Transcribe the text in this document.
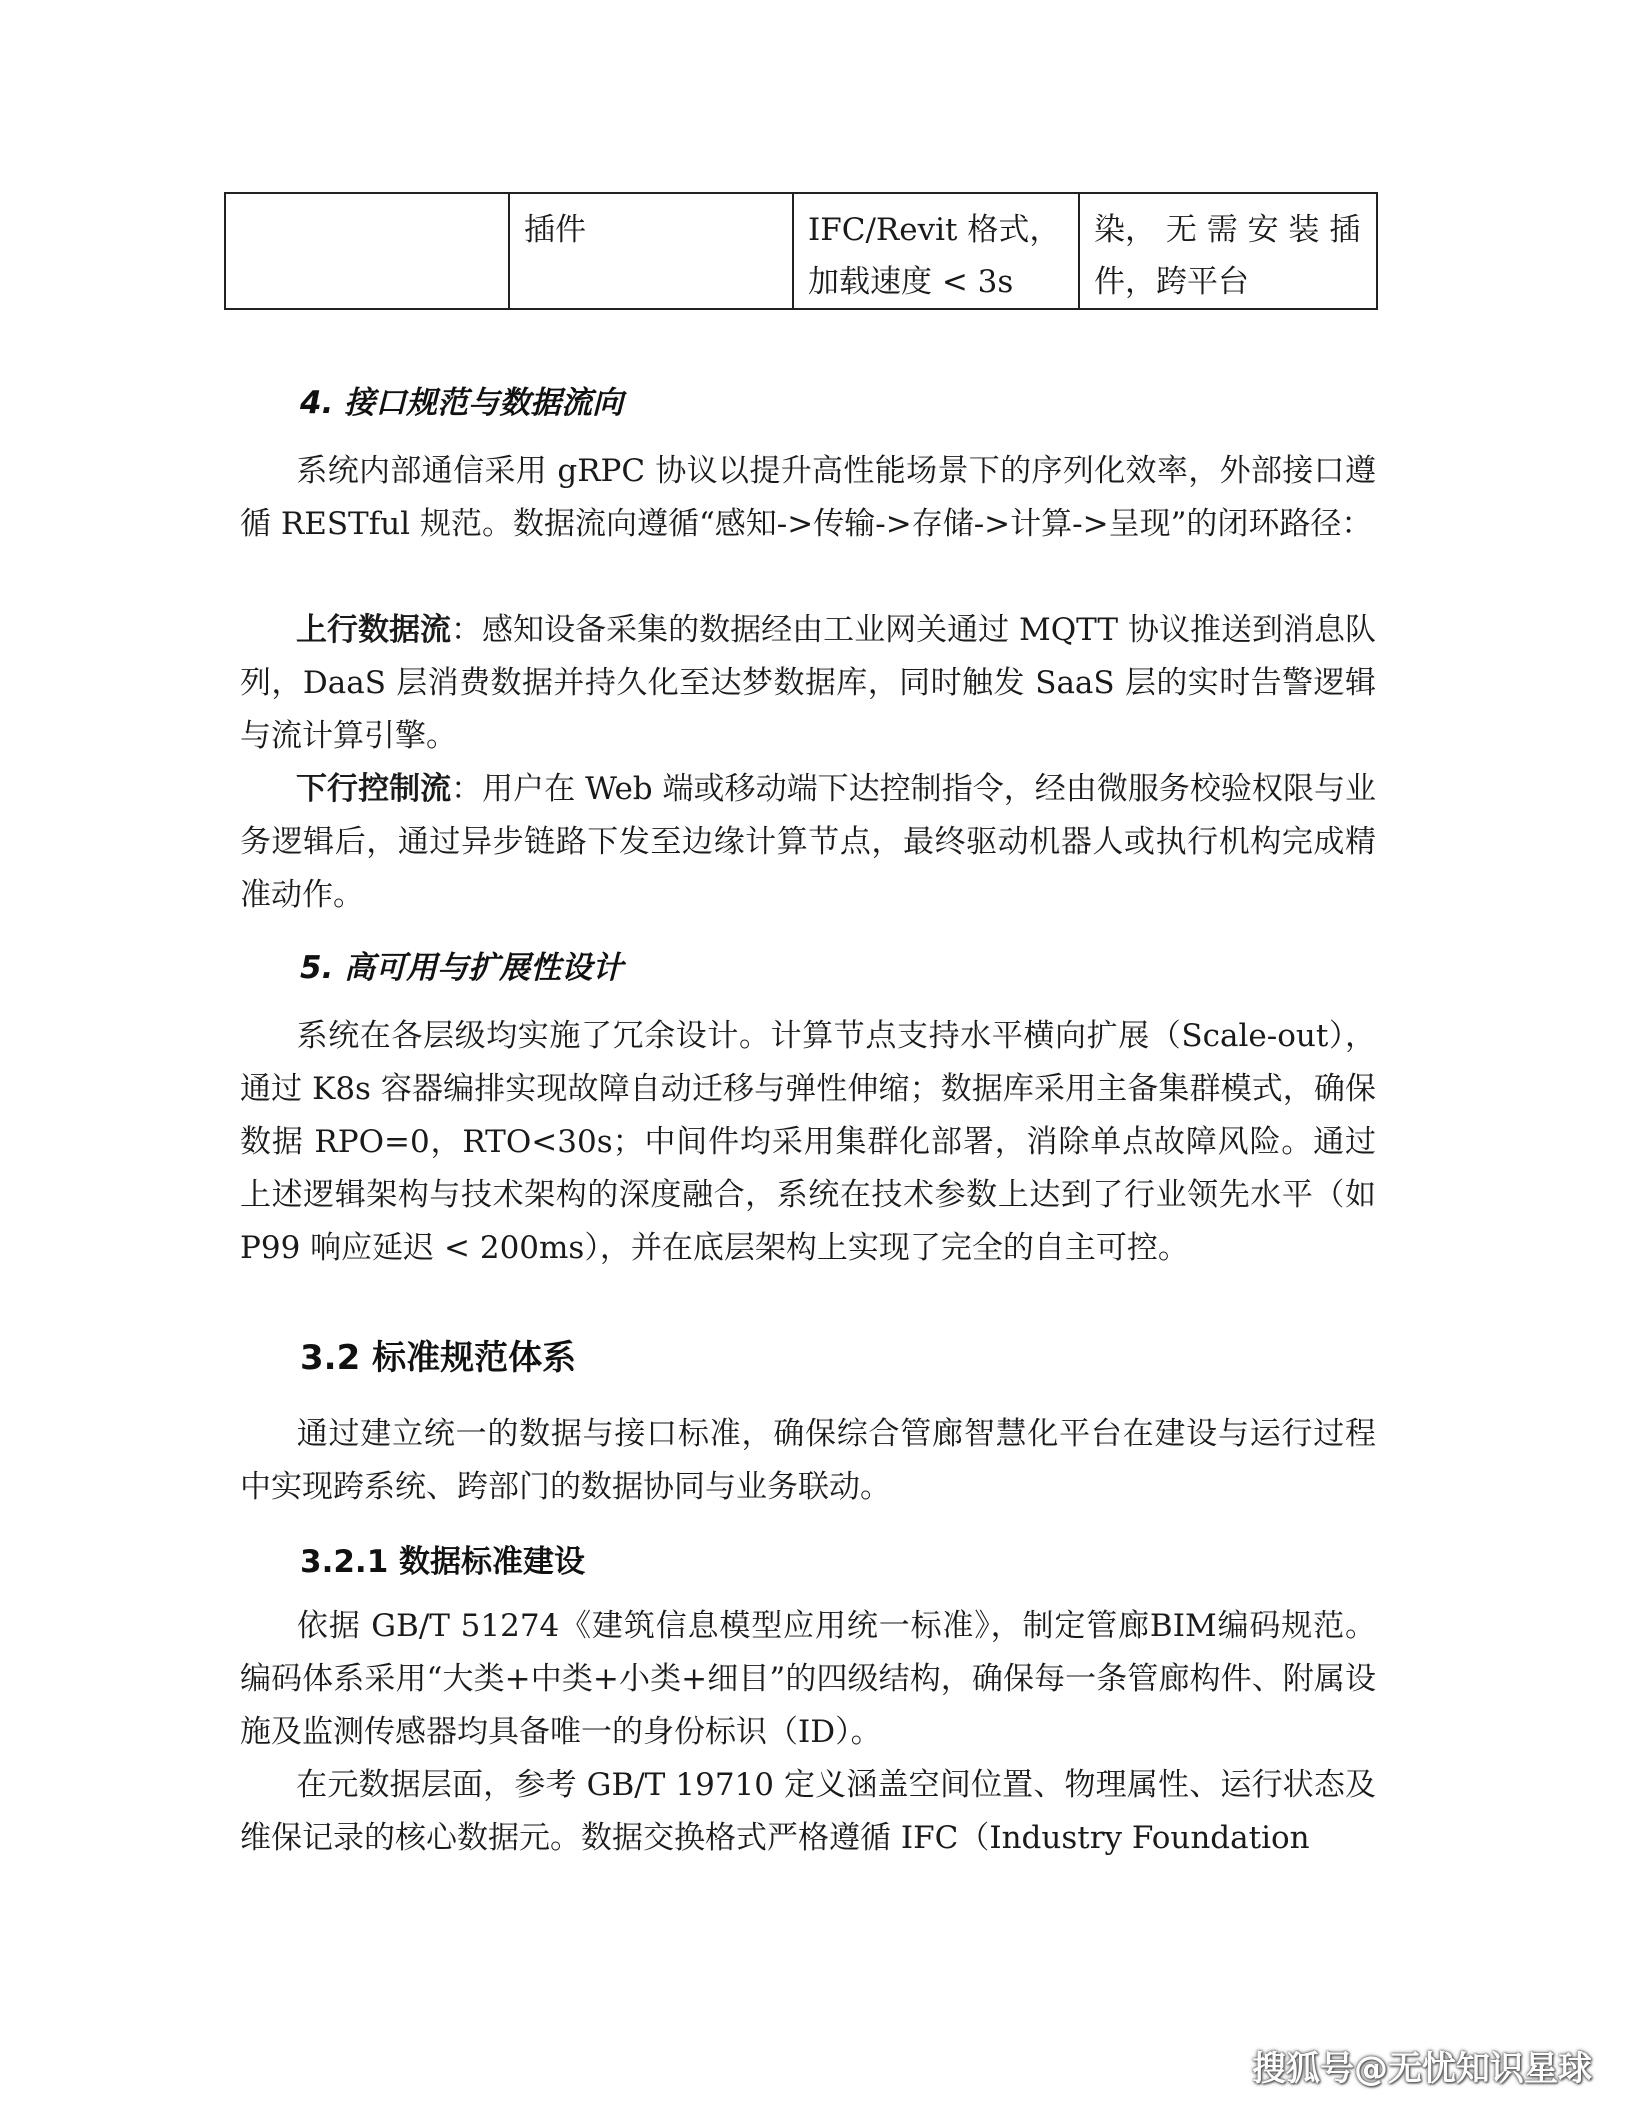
	插件	IFC/Revit 格式，加载速度 < 3s	染， 无 需 安 装 插件，跨平台
4. 接口规范与数据流向

系统内部通信采用 gRPC 协议以提升高性能场景下的序列化效率，外部接口遵循 RESTful 规范。数据流向遵循“感知->传输->存储->计算->呈现”的闭环路径：

上行数据流：感知设备采集的数据经由工业网关通过 MQTT 协议推送到消息队列，DaaS 层消费数据并持久化至达梦数据库，同时触发 SaaS 层的实时告警逻辑与流计算引擎。

下行控制流：用户在 Web 端或移动端下达控制指令，经由微服务校验权限与业务逻辑后，通过异步链路下发至边缘计算节点，最终驱动机器人或执行机构完成精准动作。

5. 高可用与扩展性设计

系统在各层级均实施了冗余设计。计算节点支持水平横向扩展（Scale-out），通过 K8s 容器编排实现故障自动迁移与弹性伸缩；数据库采用主备集群模式，确保数据 RPO=0，RTO<30s；中间件均采用集群化部署，消除单点故障风险。通过上述逻辑架构与技术架构的深度融合，系统在技术参数上达到了行业领先水平（如 P99 响应延迟 < 200ms），并在底层架构上实现了完全的自主可控。

3.2 标准规范体系

通过建立统一的数据与接口标准，确保综合管廊智慧化平台在建设与运行过程中实现跨系统、跨部门的数据协同与业务联动。

3.2.1 数据标准建设

依据 GB/T 51274《建筑信息模型应用统一标准》，制定管廊BIM编码规范。编码体系采用“大类+中类+小类+细目”的四级结构，确保每一条管廊构件、附属设施及监测传感器均具备唯一的身份标识（ID）。

在元数据层面，参考 GB/T 19710 定义涵盖空间位置、物理属性、运行状态及维保记录的核心数据元。数据交换格式严格遵循 IFC（Industry Foundation

搜狐号@无忧知识星球
